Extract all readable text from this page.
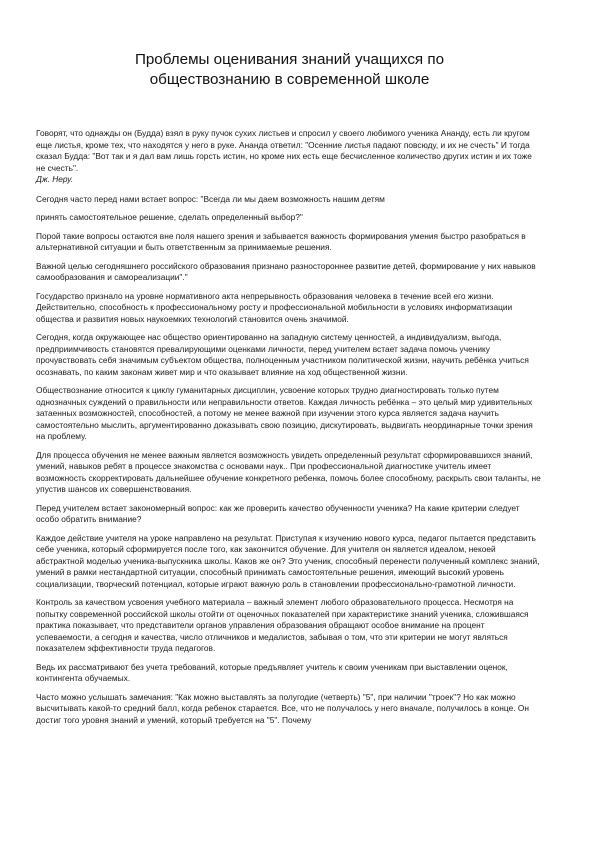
Проблемы оценивания знаний учащихся по
обществознанию в современной школе

Говорят, что однажды он (Будда) взял в руку пучок сухих листьев и спросил у своего любимого ученика Ананду, есть ли кругом еще листья, кроме тех, что находятся у него в руке. Ананда ответил: "Осенние листья падают повсюду, и их не счесть" И тогда сказал Будда: "Вот так и я дал вам лишь горсть истин, но кроме них есть еще бесчисленное количество других истин и их тоже не счесть".
Дж. Неру.

Сегодня часто перед нами встает вопрос: "Всегда ли мы даем возможность нашим детям

принять самостоятельное решение, сделать определенный выбор?"

Порой такие вопросы остаются вне поля нашего зрения и забывается важность формирования умения быстро разобраться в альтернативной ситуации и быть ответственным за принимаемые решения.

Важной целью сегодняшнего российского образования признано разностороннее развитие детей, формирование у них навыков самообразования и самореализации"."

Государство признало на уровне нормативного акта непрерывность образования человека в течение всей его жизни. Действительно, способность к профессиональному росту и профессиональной мобильности в условиях информатизации общества и развития новых наукоемких технологий становится очень значимой.

Сегодня, когда окружающее нас общество ориентированно на западную систему ценностей, а индивидуализм, выгода, предприимчивость становятся превалирующими оценками личности, перед учителем встает задача помочь ученику прочувствовать себя значимым субъектом общества, полноценным участником политической жизни, научить ребёнка учиться осознавать, по каким законам живет мир и что оказывает влияние на ход общественной жизни.

Обществознание относится к циклу гуманитарных дисциплин, усвоение которых трудно диагностировать только путем однозначных суждений о правильности или неправильности ответов. Каждая личность ребёнка – это целый мир удивительных затаенных возможностей, способностей, а потому не менее важной при изучении этого курса является задача научить самостоятельно мыслить, аргументированно доказывать свою позицию, дискутировать, выдвигать неординарные точки зрения на проблему.

Для процесса обучения не менее важным является возможность увидеть определенный результат сформировавшихся знаний, умений, навыков ребят в процессе знакомства с основами наук.. При профессиональной диагностике учитель имеет возможность скорректировать дальнейшее обучение конкретного ребенка, помочь более способному, раскрыть свои таланты, не упустив шансов их совершенствования.

Перед учителем встает закономерный вопрос: как же проверить качество обученности ученика? На какие критерии следует особо обратить внимание?

Каждое действие учителя на уроке направлено на результат. Приступая к изучению нового курса, педагог пытается представить себе ученика, который сформируется после того, как закончится обучение. Для учителя он является идеалом, некоей абстрактной моделью ученика-выпускника школы. Каков же он? Это ученик, способный перенести полученный комплекс знаний, умений в рамки нестандартной ситуации, способный принимать самостоятельные решения, имеющий высокий уровень социализации, творческий потенциал, которые играют важную роль в становлении профессионально-грамотной личности.

Контроль за качеством усвоения учебного материала – важный элемент любого образовательного процесса. Несмотря на попытку современной российской школы отойти от оценочных показателей при характеристике знаний ученика, сложившаяся практика показывает, что представители органов управления образования обращают особое внимание на процент успеваемости, а сегодня и качества, число отличников и медалистов, забывая о том, что эти критерии не могут являться показателем эффективности труда педагогов.

Ведь их рассматривают без учета требований, которые предъявляет учитель к своим ученикам при выставлении оценок, контингента обучаемых.

Часто можно услышать замечания: "Как можно выставлять за полугодие (четверть) "5", при наличии "троек"? Но как можно высчитывать какой-то средний балл, когда ребенок старается. Все, что не получалось у него вначале, получилось в конце. Он достиг того уровня знаний и умений, который требуется на "5". Почему
